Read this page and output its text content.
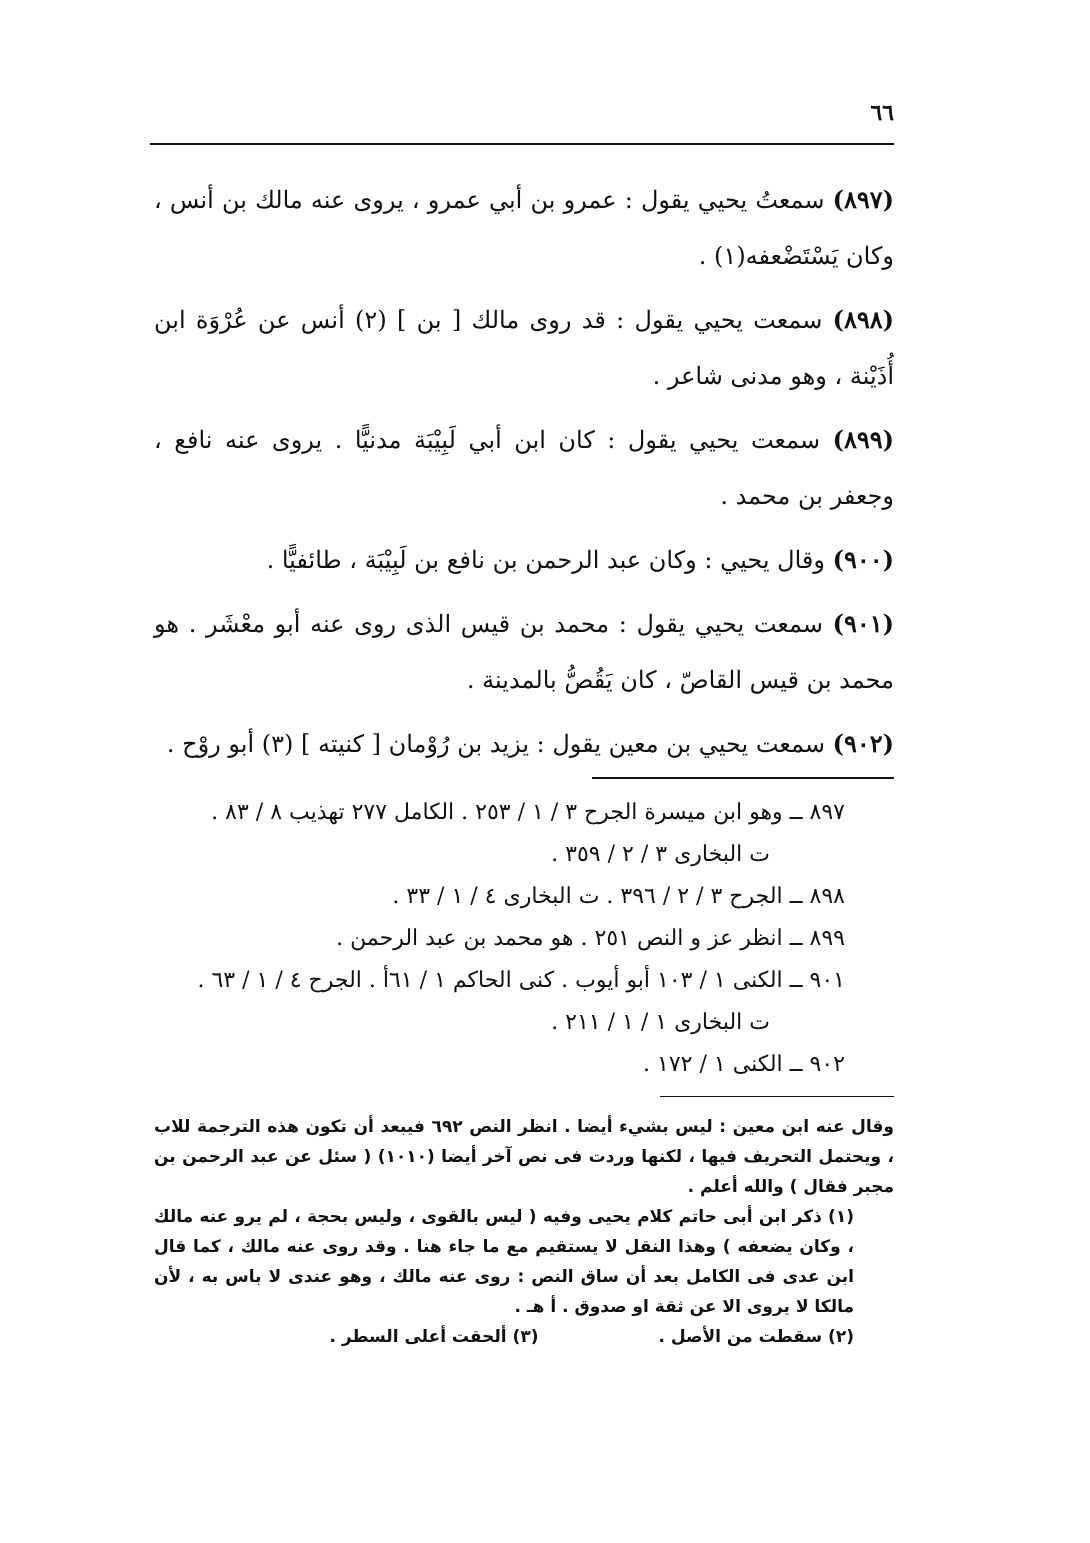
٦٦

(٨٩٧) سمعتُ يحيي يقول : عمرو بن أبي عمرو ، يروى عنه مالك بن أنس ، وكان يَسْتَضْعفه(١) .

(٨٩٨) سمعت يحيي يقول : قد روى مالك [ بن ] (٢) أنس عن عُرْوَة ابن أُذَيْنة ، وهو مدنى شاعر .

(٨٩٩) سمعت يحيي يقول : كان ابن أبي لَبِيْبَة مدنيًّا . يروى عنه نافع ، وجعفر بن محمد .

(٩٠٠) وقال يحيي : وكان عبد الرحمن بن نافع بن لَبِيْبَة ، طائفيًّا .

(٩٠١) سمعت يحيي يقول : محمد بن قيس الذى روى عنه أبو معْشَر . هو محمد بن قيس القاصّ ، كان يَقُصُّ بالمدينة .

(٩٠٢) سمعت يحيي بن معين يقول : يزيد بن رُوْمان [ كنيته ] (٣) أبو روْح .

٨٩٧ ــ وهو ابن ميسرة الجرح ٣ / ١ / ٢٥٣ . الكامل ٢٧٧ تهذيب ٨ / ٨٣ .

ت البخارى ٣ / ٢ / ٣٥٩ .

٨٩٨ ــ الجرح ٣ / ٢ / ٣٩٦ . ت البخارى ٤ / ١ / ٣٣ .

٨٩٩ ــ انظر عز و النص ٢٥١ . هو محمد بن عبد الرحمن .

٩٠١ ــ الكنى ١ / ١٠٣ أبو أيوب . كنى الحاكم ١ / ٦١أ . الجرح ٤ / ١ / ٦٣ .

ت البخارى ١ / ١ / ٢١١ .

٩٠٢ ــ الكنى ١ / ١٧٢ .

وقال عنه ابن معين : ليس بشيء أيضا . انظر النص ٦٩٢ فيبعد أن تكون هذه الترجمة للاب ، ويحتمل التحريف فيها ، لكنها وردت فى نص آخر أيضا (١٠١٠) ( سئل عن عبد الرحمن بن مجبر فقال ) والله أعلم .

(١) ذكر ابن أبى حاتم كلام يحيى وفيه ( ليس بالقوى ، وليس بحجة ، لم يرو عنه مالك ، وكان يضعفه ) وهذا النقل لا يستقيم مع ما جاء هنا . وقد روى عنه مالك ، كما قال ابن عدى فى الكامل بعد أن ساق النص : روى عنه مالك ، وهو عندى لا باس به ، لأن مالكا لا يروى الا عن ثقة او صدوق . أ هـ .

(٢) سقطت من الأصل .

(٣) ألحقت أعلى السطر .
